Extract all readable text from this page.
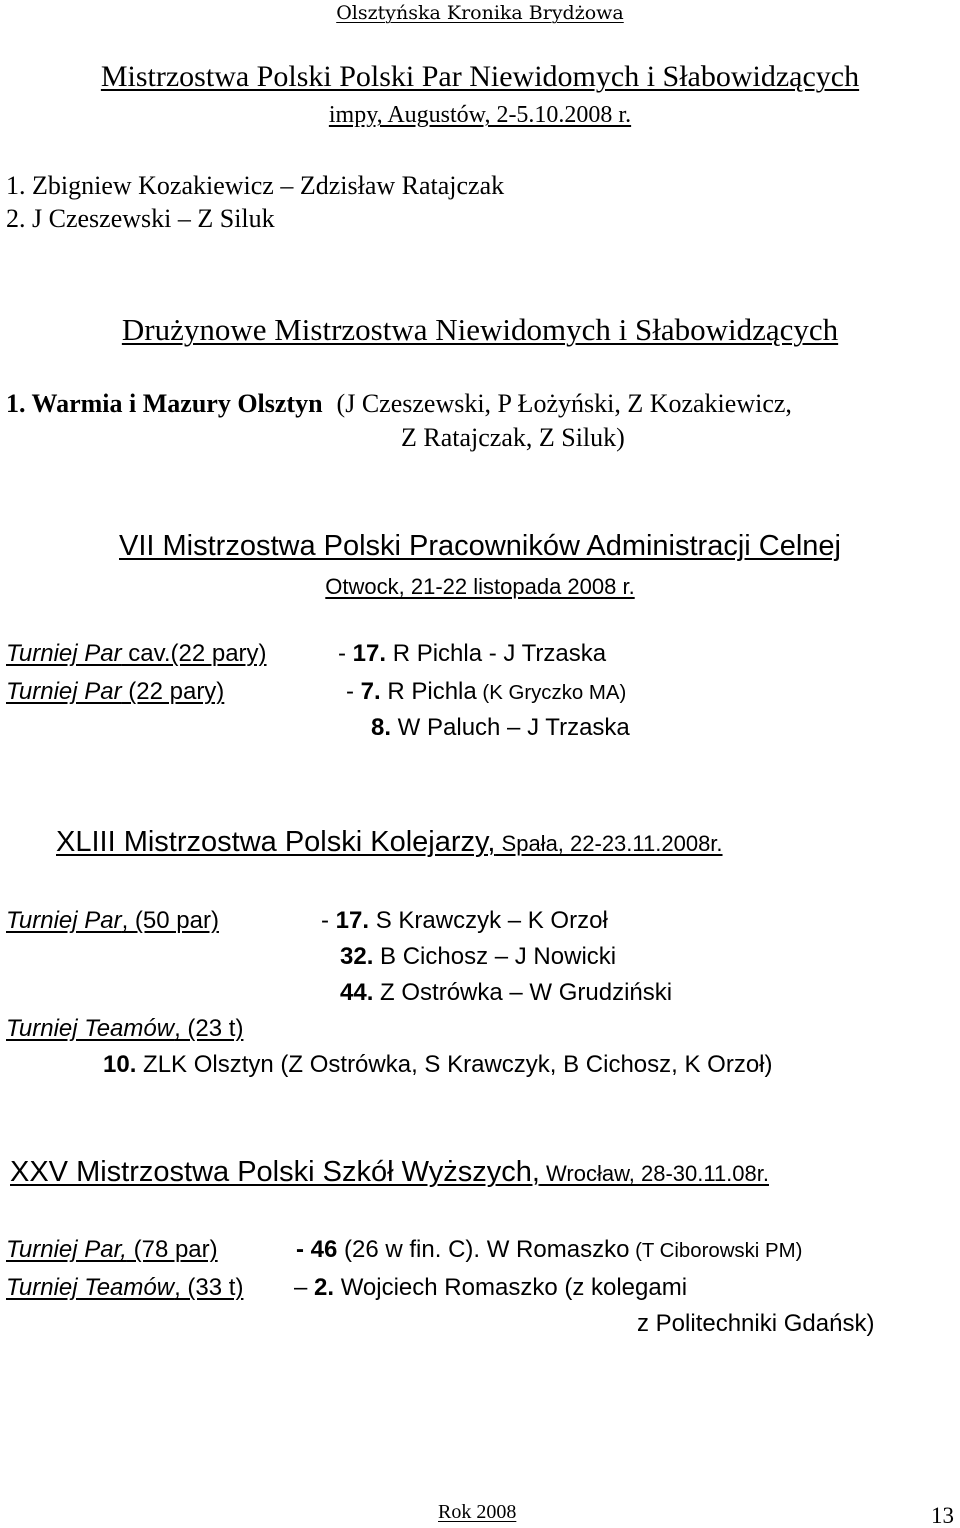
Olsztyńska Kronika Brydżowa
Mistrzostwa Polski Polski Par Niewidomych i Słabowidzących
impy, Augustów, 2-5.10.2008 r.
1. Zbigniew Kozakiewicz – Zdzisław Ratajczak
2. J Czeszewski – Z Siluk
Drużynowe Mistrzostwa Niewidomych i Słabowidzących
1. Warmia i Mazury Olsztyn (J Czeszewski, P Łożyński, Z Kozakiewicz,
Z Ratajczak, Z Siluk)
VII Mistrzostwa Polski Pracowników Administracji Celnej
Otwock, 21-22 listopada 2008 r.
Turniej Par cav.(22 pary)	- 17. R Pichla - J Trzaska
Turniej Par (22 pary)	- 7. R Pichla (K Gryczko MA)
8. W Paluch – J Trzaska
XLIII Mistrzostwa Polski Kolejarzy, Spała, 22-23.11.2008r.
Turniej Par, (50 par)	- 17. S Krawczyk – K Orzoł
32. B Cichosz – J Nowicki
44. Z Ostrówka – W Grudziński
Turniej Teamów, (23 t)
10. ZLK Olsztyn (Z Ostrówka, S Krawczyk, B Cichosz, K Orzoł)
XXV Mistrzostwa Polski Szkół Wyższych, Wrocław, 28-30.11.08r.
Turniej Par, (78 par)	- 46 (26 w fin. C). W Romaszko (T Ciborowski PM)
Turniej Teamów, (33 t) – 2. Wojciech Romaszko (z kolegami
z Politechniki Gdańsk)
Rok 2008	13
